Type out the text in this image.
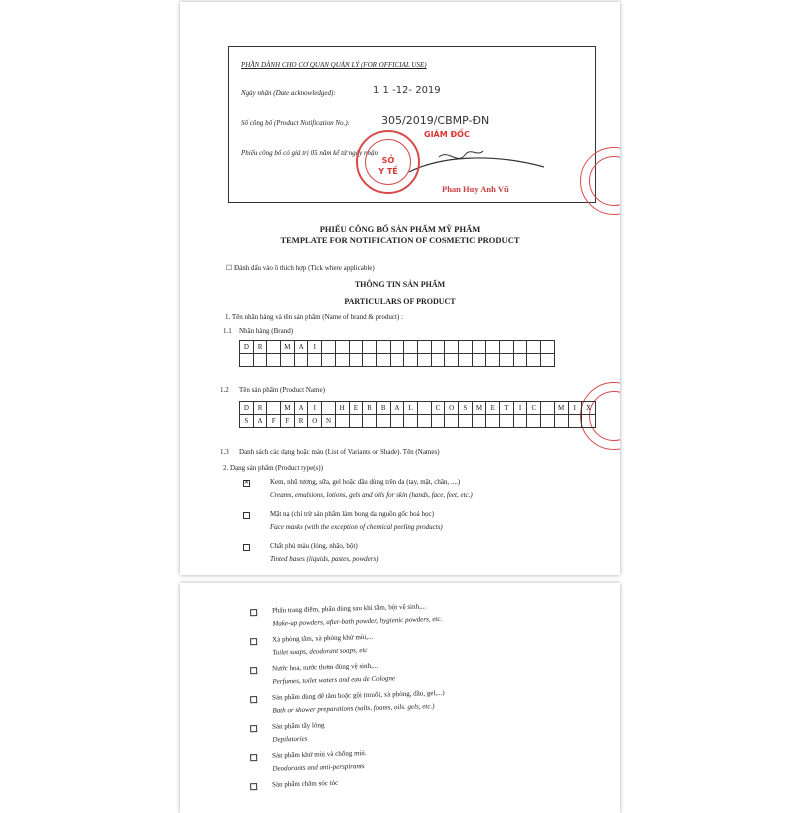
PHẦN DÀNH CHO CƠ QUAN QUẢN LÝ (FOR OFFICIAL USE)
Ngày nhận (Date acknowledged):	1 1 -12- 2019
Số công bố (Product Notification No.):	305/2019/CBMP-ĐN
Phiếu công bố có giá trị 05 năm kể từ ngày nhận
SỞ
Y TẾ
GIÁM ĐỐC
Phan Huy Anh Vũ
PHIẾU CÔNG BỐ SẢN PHẨM MỸ PHẨM
TEMPLATE FOR NOTIFICATION OF COSMETIC PRODUCT
☐ Đánh dấu vào ô thích hợp (Tick where applicable)
THÔNG TIN SẢN PHẨM
PARTICULARS OF PRODUCT
1. Tên nhãn hàng và tên sản phẩm (Name of brand & product) :
1.1 Nhãn hàng (Brand)
D	R		M	A	I																	

1.2 Tên sản phẩm (Product Name)
D	R		M	A	I		H	E	R	B	A	L		C	O	S	M	E	T	I	C		M	I	X
S	A	F	F	R	O	N																			
1.3 Danh sách các dạng hoặc màu (List of Variants or Shade). Tên (Names)
2. Dạng sản phẩm (Product type(s))
✕	Kem, nhũ tương, sữa, gel hoặc dầu dùng trên da (tay, mặt, chân, ....)
Creams, emulsions, lotions, gels and oils for skin (hands, face, feet, etc.)
Mặt nạ (chỉ trừ sản phẩm làm bong da nguồn gốc hoá học)
Face masks (with the exception of chemical peeling products)
Chất phủ màu (lỏng, nhão, bột)
Tinted bases (liquids, pastes, powders)
Phấn trang điểm, phấn dùng sau khi tắm, bột vệ sinh,...
Make-up powders, after-bath powder, hygienic powders, etc.
Xà phòng tắm, xà phòng khử mùi,...
Toilet soaps, deodorant soaps, etc
Nước hoa, nước thơm dùng vệ sinh,...
Perfumes, toilet waters and eau de Cologne
Sản phẩm dùng để tắm hoặc gội (muối, xà phòng, dầu, gel,...)
Bath or shower preparations (salts, foams, oils. gels, etc.)
Sản phẩm tẩy lông
Depilatories
Sản phẩm khử mùi và chống mùi.
Deodorants and anti-perspirants
Sản phẩm chăm sóc tóc
